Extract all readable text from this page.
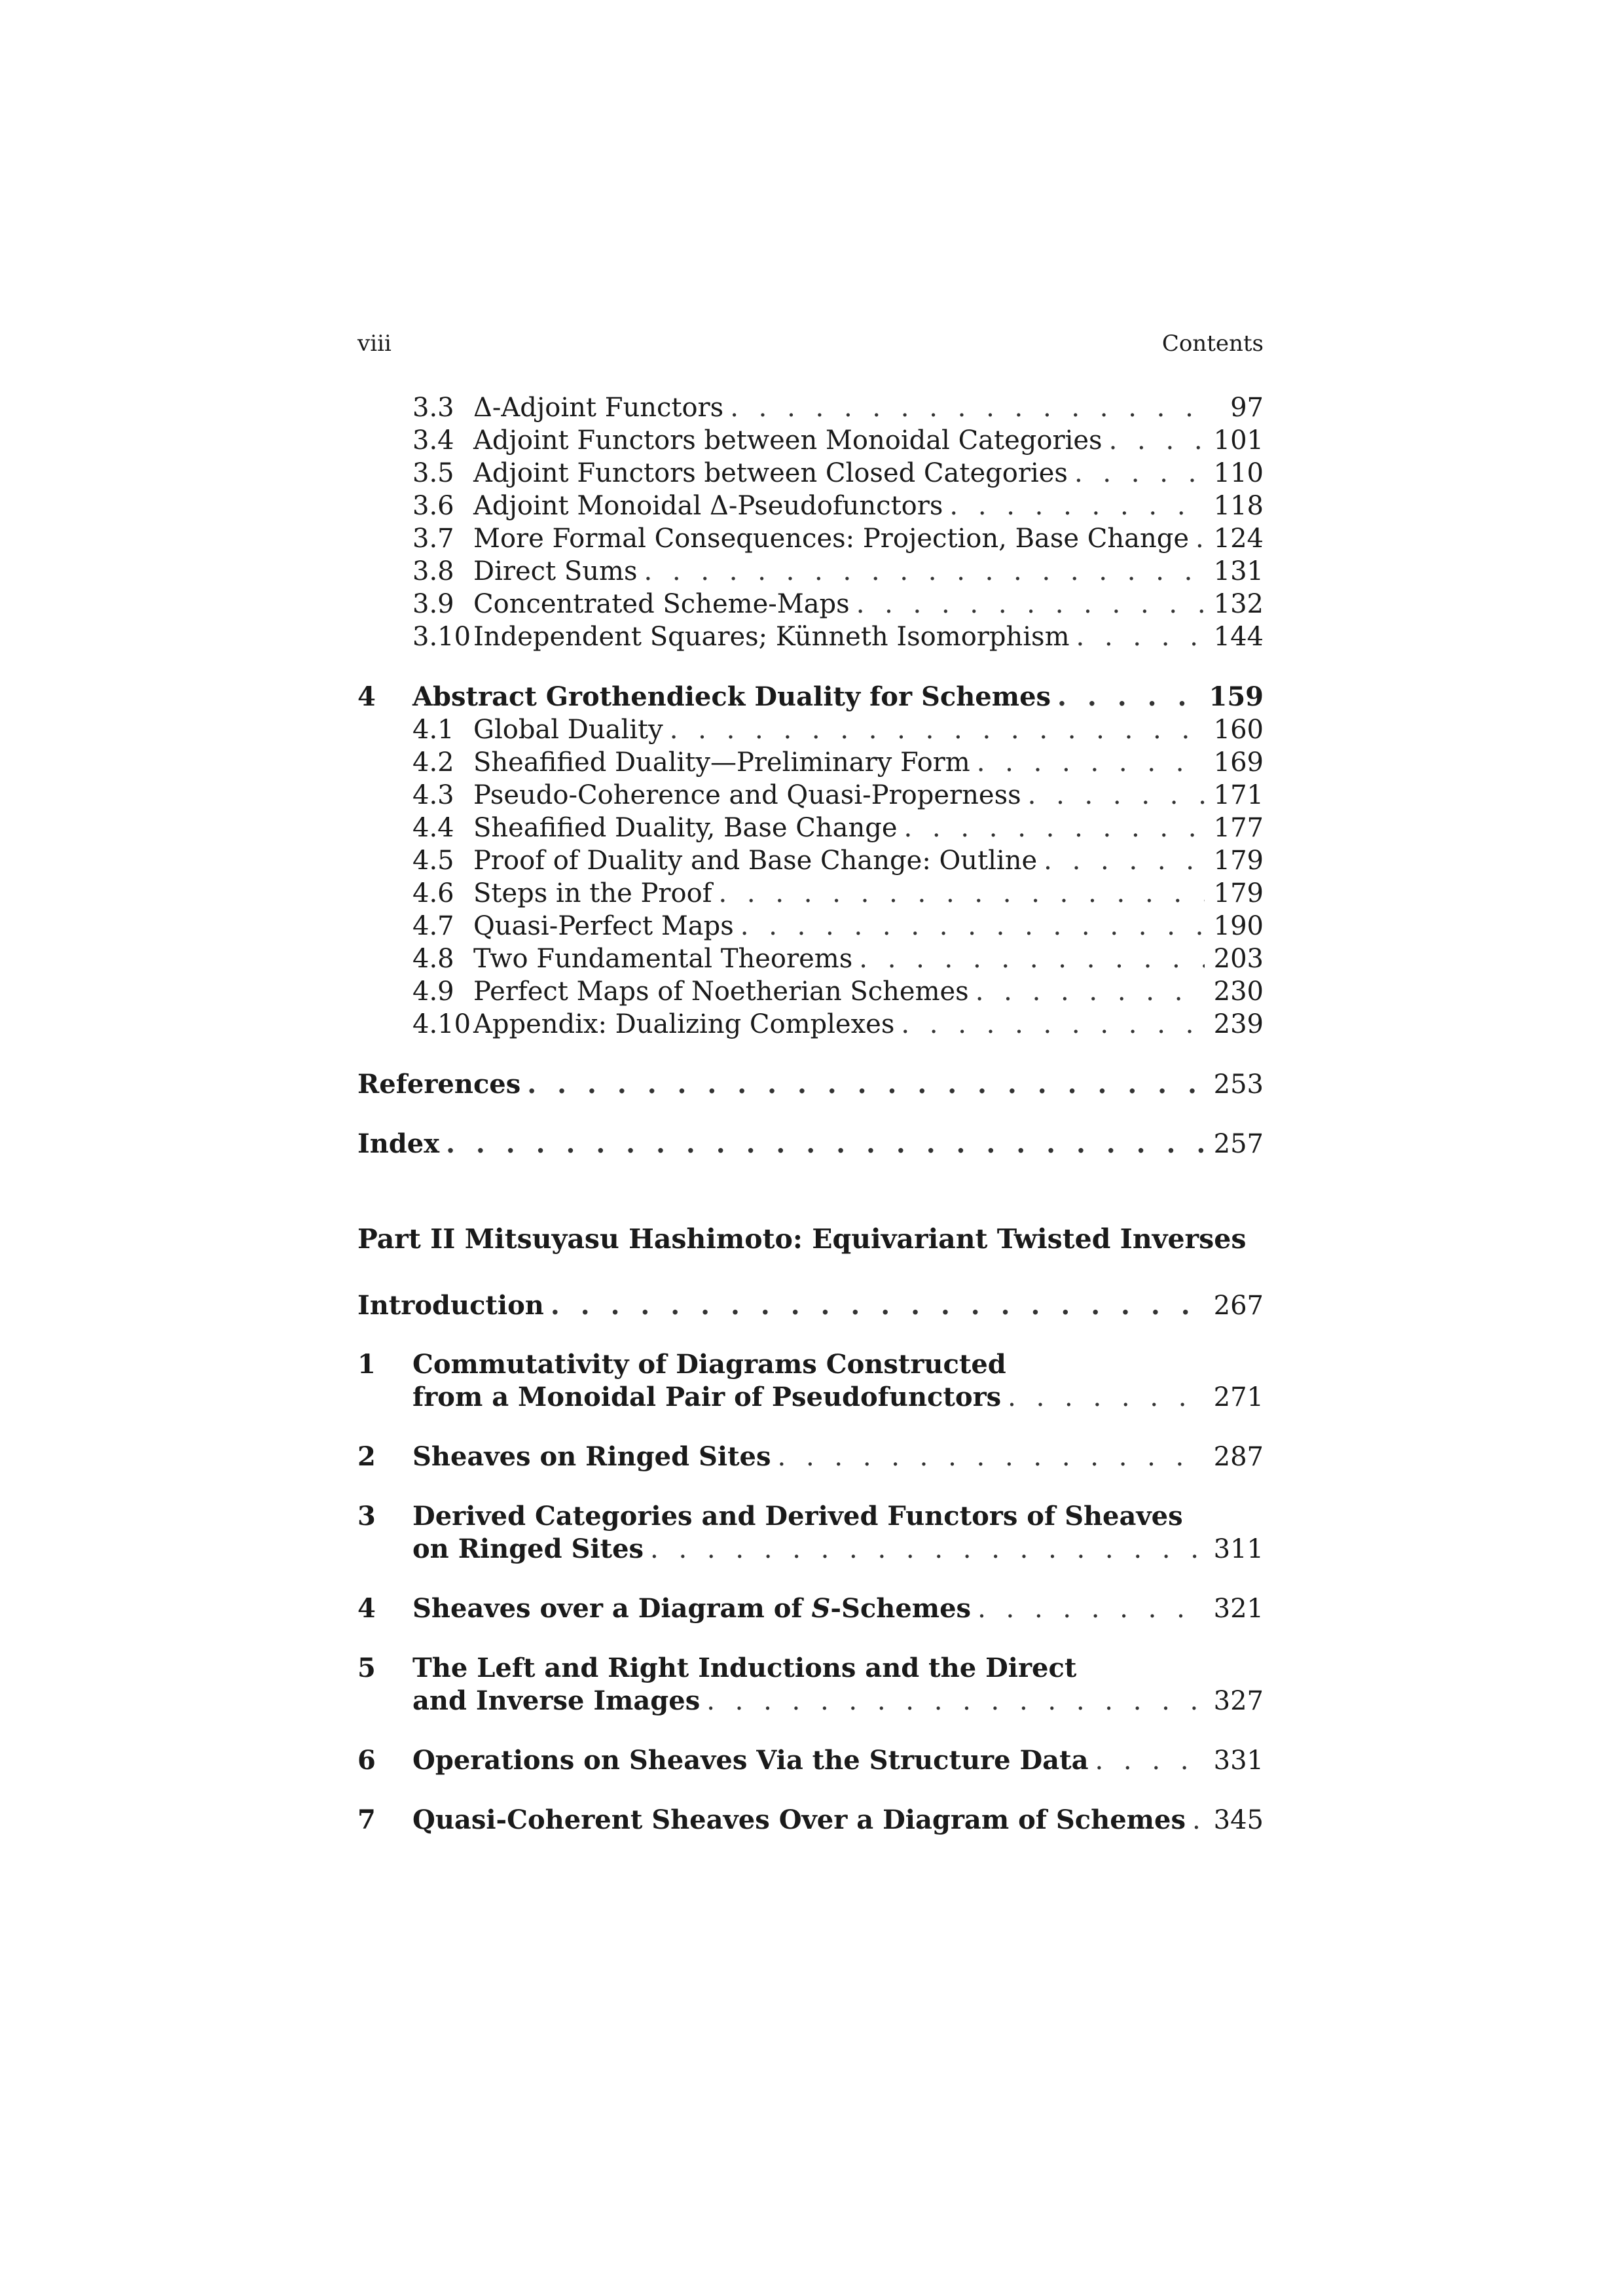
viii	Contents
3.3 Δ-Adjoint Functors . . .	97
3.4 Adjoint Functors between Monoidal Categories . . .	101
3.5 Adjoint Functors between Closed Categories . . .	110
3.6 Adjoint Monoidal Δ-Pseudofunctors . . .	118
3.7 More Formal Consequences: Projection, Base Change . . . 124
3.8 Direct Sums . . .	131
3.9 Concentrated Scheme-Maps . . .	132
3.10 Independent Squares; Künneth Isomorphism . . .	144
4	Abstract Grothendieck Duality for Schemes . . .	159
4.1 Global Duality . . .	160
4.2 Sheafified Duality—Preliminary Form . . .	169
4.3 Pseudo-Coherence and Quasi-Properness . . .	171
4.4 Sheafified Duality, Base Change . . .	177
4.5 Proof of Duality and Base Change: Outline . . .	179
4.6 Steps in the Proof . . .	179
4.7 Quasi-Perfect Maps . . .	190
4.8 Two Fundamental Theorems . . .	203
4.9 Perfect Maps of Noetherian Schemes . . .	230
4.10 Appendix: Dualizing Complexes . . .	239
References . . .	253
Index . . .	257
Part II Mitsuyasu Hashimoto: Equivariant Twisted Inverses
Introduction . . .	267
1 Commutativity of Diagrams Constructed
from a Monoidal Pair of Pseudofunctors . . .	271
2	Sheaves on Ringed Sites . . .	287
3 Derived Categories and Derived Functors of Sheaves
on Ringed Sites . . .	311
4	Sheaves over a Diagram of S-Schemes . . .	321
5 The Left and Right Inductions and the Direct
and Inverse Images . . .	327
6	Operations on Sheaves Via the Structure Data . . .	331
7	Quasi-Coherent Sheaves Over a Diagram of Schemes . . . 345
